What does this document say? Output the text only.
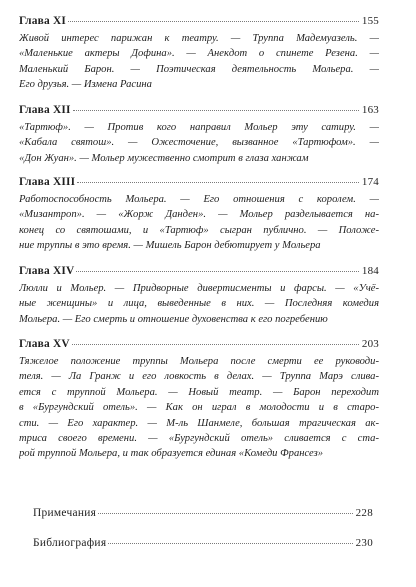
Глава XI	155
Живой интерес парижан к театру. — Труппа Мадемуазель. —
«Маленькие актеры Дофина». — Анекдот о спинете Резена. —
Маленький Барон. — Поэтическая деятельность Мольера. —
Его друзья. — Измена Расина
Глава XII	163
«Тартюф». — Против кого направил Мольер эту сатиру. —
«Кабала святош». — Ожесточение, вызванное «Тартюфом». —
«Дон Жуан». — Мольер мужественно смотрит в глаза ханжам
Глава XIII	174
Работоспособность Мольера. — Его отношения с королем. —
«Мизантроп». — «Жорж Данден». — Мольер разделывается на-
конец со святошами, и «Тартюф» сыгран публично. — Положе-
ние труппы в это время. — Мишель Барон дебютирует у Мольера
Глава XIV	184
Люлли и Мольер. — Придворные дивертисменты и фарсы. — «Учё-
ные женщины» и лица, выведенные в них. — Последняя комедия
Мольера. — Его смерть и отношение духовенства к его погребению
Глава XV	203
Тяжелое положение труппы Мольера после смерти ее руководи-
теля. — Ла Гранж и его ловкость в делах. — Труппа Марэ слива-
ется с труппой Мольера. — Новый театр. — Барон переходит
в «Бургундский отель». — Как он играл в молодости и в старо-
сти. — Его характер. — М-ль Шанмеле, большая трагическая ак-
триса своего времени. — «Бургундский отель» сливается с ста-
рой труппой Мольера, и так образуется единая «Комеди Франсез»
Примечания	228
Библиография	230
